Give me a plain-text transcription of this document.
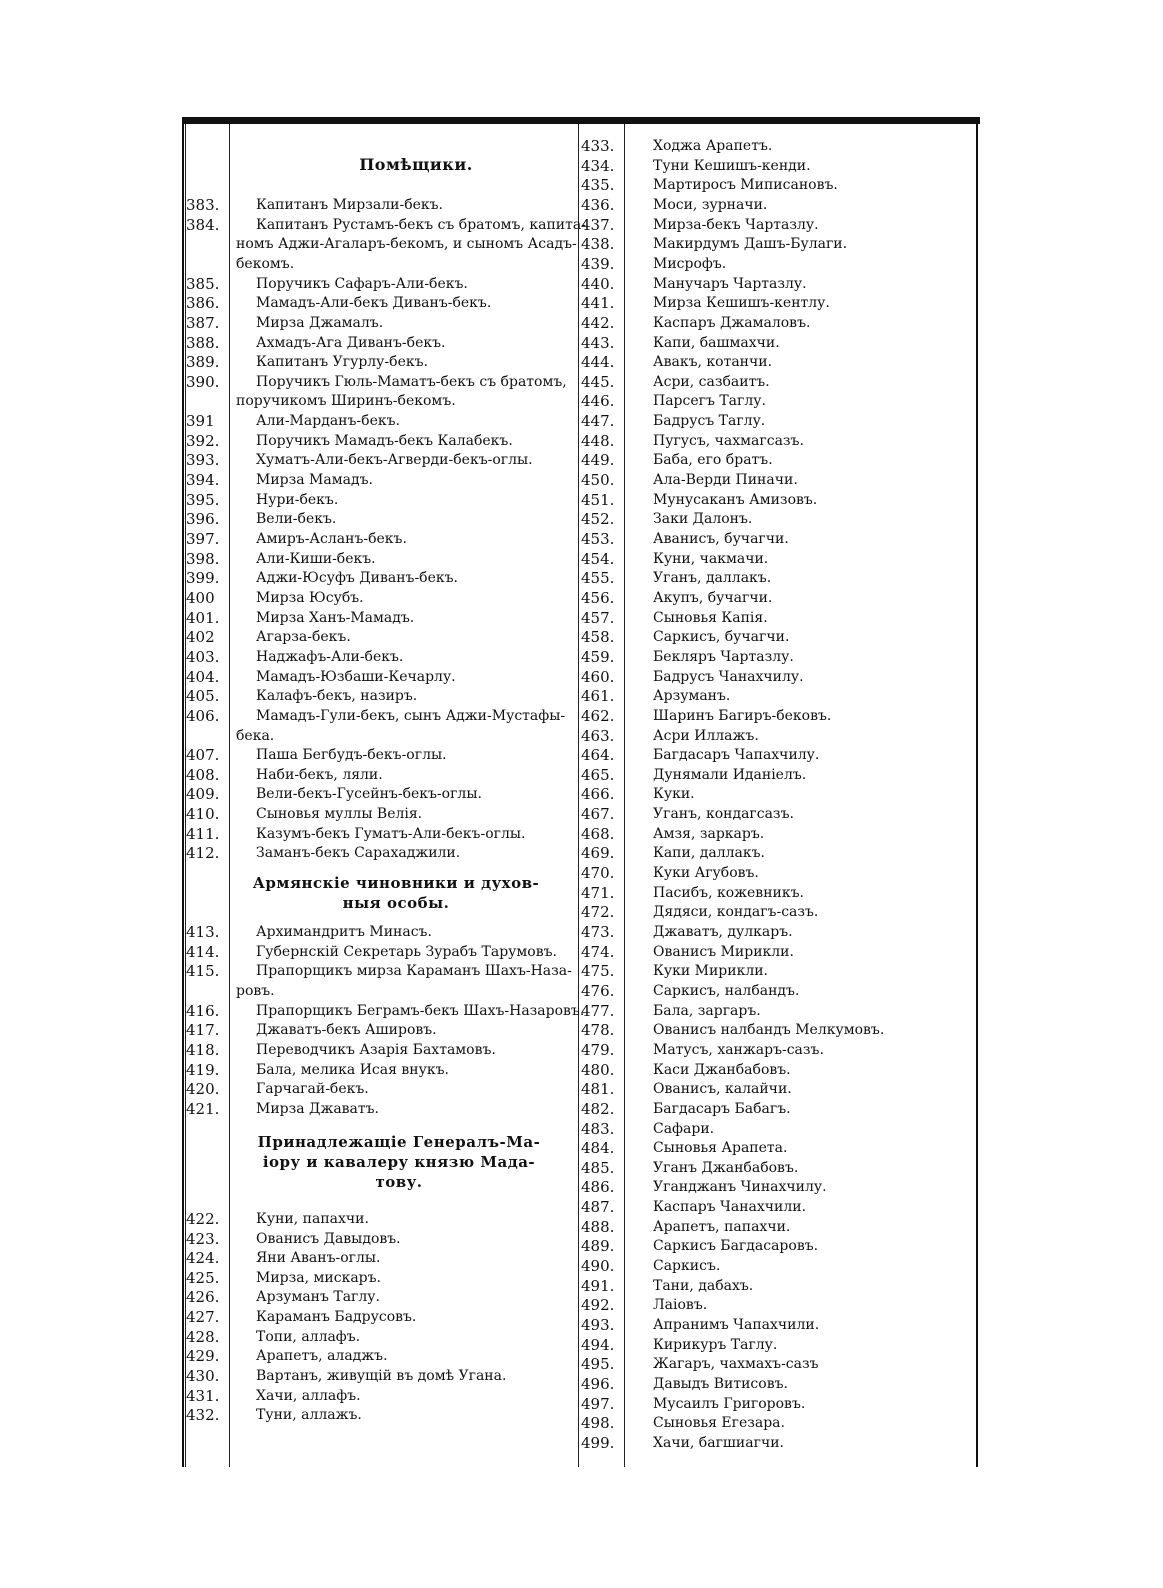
Помѣщики.
383.	Капитанъ Мирзали-бекъ.
384.	Капитанъ Рустамъ-бекъ съ братомъ, капита-
номъ Аджи-Агаларъ-бекомъ, и сыномъ Асадъ-
бекомъ.
385.	Поручикъ Сафаръ-Али-бекъ.
386.	Мамадъ-Али-бекъ Диванъ-бекъ.
387.	Мирза Джамалъ.
388.	Ахмадъ-Ага Диванъ-бекъ.
389.	Капитанъ Угурлу-бекъ.
390.	Поручикъ Гюль-Маматъ-бекъ съ братомъ,
поручикомъ Ширинъ-бекомъ.
391	Али-Марданъ-бекъ.
392.	Поручикъ Мамадъ-бекъ Калабекъ.
393.	Хуматъ-Али-бекъ-Агверди-бекъ-оглы.
394.	Мирза Мамадъ.
395.	Нури-бекъ.
396.	Вели-бекъ.
397.	Амиръ-Асланъ-бекъ.
398.	Али-Киши-бекъ.
399.	Аджи-Юсуфъ Диванъ-бекъ.
400	Мирза Юсубъ.
401.	Мирза Ханъ-Мамадъ.
402	Агарза-бекъ.
403.	Наджафъ-Али-бекъ.
404.	Мамадъ-Юзбаши-Кечарлу.
405.	Калафъ-бекъ, назиръ.
406.	Мамадъ-Гули-бекъ, сынъ Аджи-Мустафы-
бека.
407.	Паша Бегбудъ-бекъ-оглы.
408.	Наби-бекъ, ляли.
409.	Вели-бекъ-Гусейнъ-бекъ-оглы.
410.	Сыновья муллы Велія.
411.	Казумъ-бекъ Гуматъ-Али-бекъ-оглы.
412.	Заманъ-бекъ Сарахаджили.
Армянскіе чиновники и духов-
ныя особы.
413.	Архимандритъ Минасъ.
414.	Губернскій Секретарь Зурабъ Тарумовъ.
415.	Прапорщикъ мирза Караманъ Шахъ-Наза-
ровъ.
416.	Прапорщикъ Беграмъ-бекъ Шахъ-Назаровъ.
417.	Джаватъ-бекъ Ашировъ.
418.	Переводчикъ Азарія Бахтамовъ.
419.	Бала, мелика Исая внукъ.
420.	Гарчагай-бекъ.
421.	Мирза Джаватъ.
Принадлежащіе Генералъ-Ма-
іору и кавалеру князю Мада-
тову.
422.	Куни, папахчи.
423.	Ованисъ Давыдовъ.
424.	Яни Аванъ-оглы.
425.	Мирза, мискаръ.
426.	Арзуманъ Таглу.
427.	Караманъ Бадрусовъ.
428.	Топи, аллафъ.
429.	Арапетъ, аладжъ.
430.	Вартанъ, живущій въ домѣ Угана.
431.	Хачи, аллафъ.
432.	Туни, аллажъ.
433.	Ходжа Арапетъ.
434.	Туни Кешишъ-кенди.
435.	Мартиросъ Миписановъ.
436.	Моси, зурначи.
437.	Мирза-бекъ Чартазлу.
438.	Макирдумъ Дашъ-Булаги.
439.	Мисрофъ.
440.	Манучаръ Чартазлу.
441.	Мирза Кешишъ-кентлу.
442.	Каспаръ Джамаловъ.
443.	Капи, башмахчи.
444.	Авакъ, котанчи.
445.	Асри, сазбаитъ.
446.	Парсегъ Таглу.
447.	Бадрусъ Таглу.
448.	Пугусъ, чахмагсазъ.
449.	Баба, его братъ.
450.	Ала-Верди Пиначи.
451.	Мунусаканъ Амизовъ.
452.	Заки Далонъ.
453.	Аванисъ, бучагчи.
454.	Куни, чакмачи.
455.	Уганъ, даллакъ.
456.	Акупъ, бучагчи.
457.	Сыновья Капія.
458.	Саркисъ, бучагчи.
459.	Бекляръ Чартазлу.
460.	Бадрусъ Чанахчилу.
461.	Арзуманъ.
462.	Шаринъ Багиръ-бековъ.
463.	Асри Иллажъ.
464.	Багдасаръ Чапахчилу.
465.	Дунямали Иданіелъ.
466.	Куки.
467.	Уганъ, кондагсазъ.
468.	Амзя, заркаръ.
469.	Капи, даллакъ.
470.	Куки Агубовъ.
471.	Пасибъ, кожевникъ.
472.	Дядяси, кондагъ-сазъ.
473.	Джаватъ, дулкаръ.
474.	Ованисъ Мирикли.
475.	Куки Мирикли.
476.	Саркисъ, налбандъ.
477.	Бала, заргаръ.
478.	Ованисъ налбандъ Мелкумовъ.
479.	Матусъ, ханжаръ-сазъ.
480.	Каси Джанбабовъ.
481.	Ованисъ, калайчи.
482.	Багдасаръ Бабагъ.
483.	Сафари.
484.	Сыновья Арапета.
485.	Уганъ Джанбабовъ.
486.	Уганджанъ Чинахчилу.
487.	Каспаръ Чанахчили.
488.	Арапетъ, папахчи.
489.	Саркисъ Багдасаровъ.
490.	Саркисъ.
491.	Тани, дабахъ.
492.	Лаіовъ.
493.	Апранимъ Чапахчили.
494.	Кирикуръ Таглу.
495.	Жагаръ, чахмахъ-сазъ
496.	Давыдъ Витисовъ.
497.	Мусаилъ Григоровъ.
498.	Сыновья Егезара.
499.	Хачи, багшиагчи.
